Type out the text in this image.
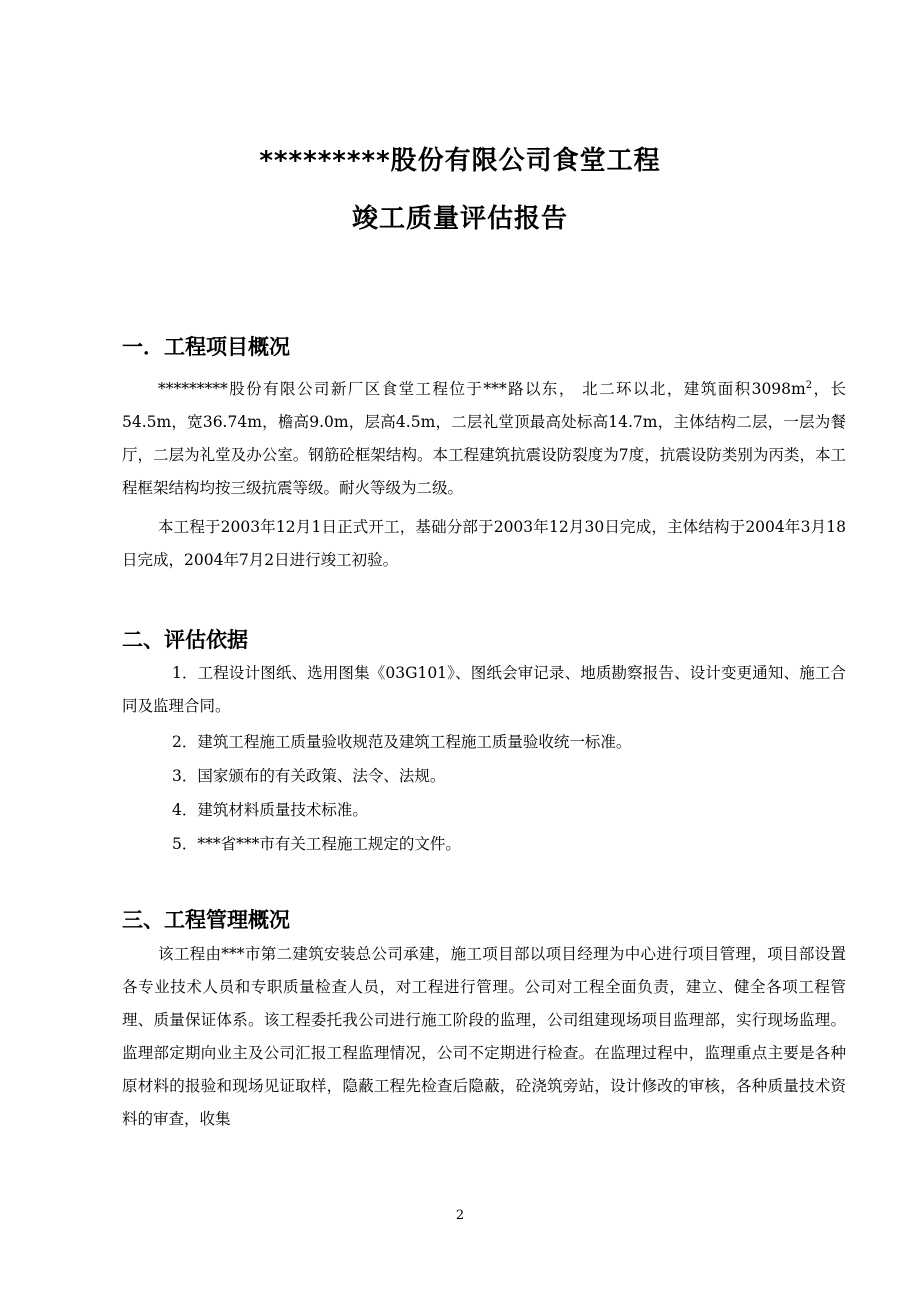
*********股份有限公司食堂工程
竣工质量评估报告
一．工程项目概况

*********股份有限公司新厂区食堂工程位于***路以东， 北二环以北，建筑面积$3098m^2$，长54.5m，宽36.74m，檐高9.0m，层高4.5m，二层礼堂顶最高处标高14.7m，主体结构二层，一层为餐厅，二层为礼堂及办公室。钢筋砼框架结构。本工程建筑抗震设防裂度为7度，抗震设防类别为丙类，本工程框架结构均按三级抗震等级。耐火等级为二级。

本工程于2003年12月1日正式开工，基础分部于2003年12月30日完成，主体结构于2004年3月18日完成，2004年7月2日进行竣工初验。

二、评估依据

1．工程设计图纸、选用图集《03G101》、图纸会审记录、地质勘察报告、设计变更通知、施工合同及监理合同。

2．建筑工程施工质量验收规范及建筑工程施工质量验收统一标准。

3．国家颁布的有关政策、法令、法规。

4．建筑材料质量技术标准。

5．***省***市有关工程施工规定的文件。

三、工程管理概况

该工程由***市第二建筑安装总公司承建，施工项目部以项目经理为中心进行项目管理，项目部设置各专业技术人员和专职质量检查人员，对工程进行管理。公司对工程全面负责，建立、健全各项工程管理、质量保证体系。该工程委托我公司进行施工阶段的监理，公司组建现场项目监理部，实行现场监理。监理部定期向业主及公司汇报工程监理情况，公司不定期进行检查。在监理过程中，监理重点主要是各种原材料的报验和现场见证取样，隐蔽工程先检查后隐蔽，砼浇筑旁站，设计修改的审核，各种质量技术资料的审查，收集

2
